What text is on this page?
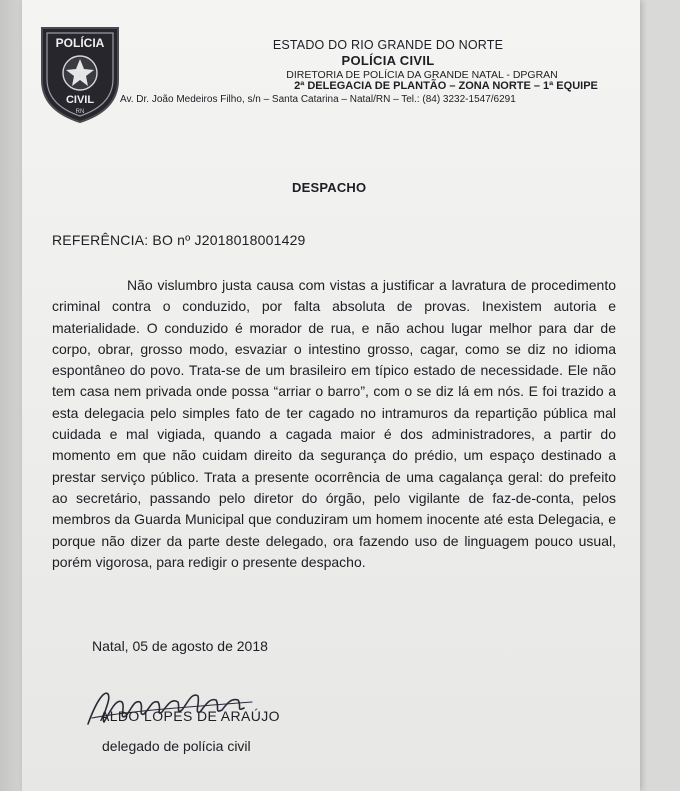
POLÍCIA
CIVIL
RN
ESTADO DO RIO GRANDE DO NORTE
POLÍCIA CIVIL
DIRETORIA DE POLÍCIA DA GRANDE NATAL - DPGRAN
2ª DELEGACIA DE PLANTÃO – ZONA NORTE – 1ª EQUIPE
Av. Dr. João Medeiros Filho, s/n – Santa Catarina – Natal/RN – Tel.: (84) 3232-1547/6291
DESPACHO
REFERÊNCIA: BO nº J2018018001429
Não vislumbro justa causa com vistas a justificar a lavratura de procedimento criminal contra o conduzido, por falta absoluta de provas. Inexistem autoria e materialidade. O conduzido é morador de rua, e não achou lugar melhor para dar de corpo, obrar, grosso modo, esvaziar o intestino grosso, cagar, como se diz no idioma espontâneo do povo. Trata-se de um brasileiro em típico estado de necessidade. Ele não tem casa nem privada onde possa “arriar o barro”, com o se diz lá em nós. E foi trazido a esta delegacia pelo simples fato de ter cagado no intramuros da repartição pública mal cuidada e mal vigiada, quando a cagada maior é dos administradores, a partir do momento em que não cuidam direito da segurança do prédio, um espaço destinado a prestar serviço público. Trata a presente ocorrência de uma cagalança geral: do prefeito ao secretário, passando pelo diretor do órgão, pelo vigilante de faz-de-conta, pelos membros da Guarda Municipal que conduziram um homem inocente até esta Delegacia, e porque não dizer da parte deste delegado, ora fazendo uso de linguagem pouco usual, porém vigorosa, para redigir o presente despacho.
Natal, 05 de agosto de 2018
ALDO LOPES DE ARAÚJO
delegado de polícia civil
